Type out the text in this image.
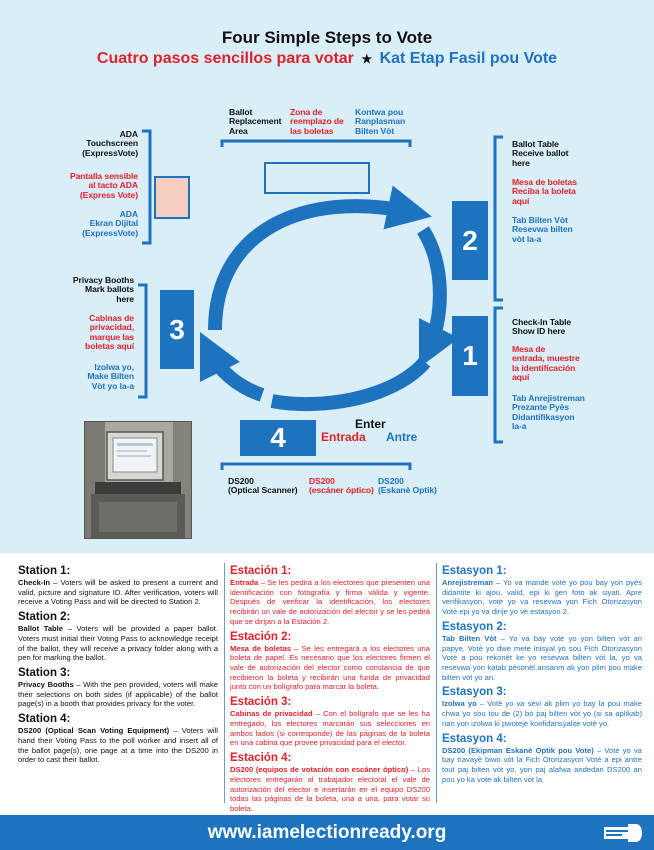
Four Simple Steps to Vote
Cuatro pasos sencillos para votar ★ Kat Etap Fasil pou Vote
Ballot
Replacement
Area
Zona de
reemplazo de
las boletas
Kontwa pou
Ranplasman
Bilten Vòt
ADA
Touchscreen
(ExpressVote)
Pantalla sensible
al tacto ADA
(Express Vote)
ADA
Ekran Dijital
(ExpressVote)
Ballot Table
Receive ballot
here
Mesa de boletas
Reciba la boleta
aquí
Tab Bilten Vòt
Resevwa bilten
vòt la-a
Privacy Booths
Mark ballots
here
Cabinas de
privacidad,
marque las
boletas aquí
Izolwa yo,
Make Bilten
Vòt yo la-a
Check-In Table
Show ID here
Mesa de
entrada, muestre
la identificación
aquí
Tab Anrejistreman
Prezante Pyès
Didantifikasyon
la-a
2
3
1
4	Enter
Entrada Antre
DS200
(Optical Scanner)
DS200
(escáner óptico)
DS200
(Eskanè Optik)
Station 1:
Check-In – Voters will be asked to present a current and valid, picture and signature ID. After verification, voters will receive a Voting Pass and will be directed to Station 2.
Station 2:
Ballot Table – Voters will be provided a paper ballot. Voters must initial their Voting Pass to acknowledge receipt of the ballot, they will receive a privacy folder along with a pen for marking the ballot.
Station 3:
Privacy Booths – With the pen provided, voters will make their selections on both sides (if applicable) of the ballot page(s) in a booth that provides privacy for the voter.
Station 4:
DS200 (Optical Scan Voting Equipment) – Voters will hand their Voting Pass to the poll worker and insert all of the ballot page(s), one page at a time into the DS200 in order to cast their ballot.
Estación 1:
Entrada – Se les pedirá a los electores que presenten una identificación con fotografía y firma válida y vigente. Después de verificar la identificación, los electores recibirán un vale de autorización del elector y se les pedirá que se dirijan a la Estación 2.
Estación 2:
Mesa de boletas – Se les entregará a los electores una boleta de papel. Es necesario que los electores firmen el vale de autorización del elector como constancia de que recibieron la boleta y recibirán una funda de privacidad junto con un bolígrafo para marcar la boleta.
Estación 3:
Cabinas de privacidad – Con el bolígrafo que se les ha entregado, los electores marcarán sus selecciones en ambos lados (si corresponde) de las páginas de la boleta en una cabina que provee privacidad para el elector.
Estación 4:
DS200 (equipos de votación con escáner óptico) – Los electores entregarán al trabajador electoral el vale de autorización del elector e insertarán en el equipo DS200 todas las páginas de la boleta, una a una, para votar su boleta.
Estasyon 1:
Anrejistreman – Yo va mande votè yo pou bay yon pyès didantite ki ajou, valid, epi ki gen foto ak siyati. Apre verifikasyon, votè yo va resevwa yon Fich Otorizasyon Votè epi yo va dirije yo vè estasyon 2.
Estasyon 2:
Tab Bilten Vòt – Yo va bay votè yo yon bilten vòt an papye. Votè yo dwe mete inisyal yo sou Fich Otorizasyon Votè a pou rekonèt ke yo resevwa bilten vòt la, yo va resevwa yon katab pèsonèl ansanm ak yon plim pou make bilten vòt yo an.
Estasyon 3:
Izolwa yo – Votè yo va sèvi ak plim yo bay la pou make chwa yo sou tou de (2) bò paj bilten vòt yo (si sa aplikab) nan yon izolwa ki pwoteje konfidansyalite votè yo.
Estasyon 4:
DS200 (Ekipman Eskanè Optik pou Vote) – Votè yo va bay travayè biwo vòt la Fich Otorizasyon Votè a epi antre tout paj bilten vòt yo, yon paj alafwa andedan DS200 an pou yo ka vote ak bilten vòt la.
www.iamelectionready.org
